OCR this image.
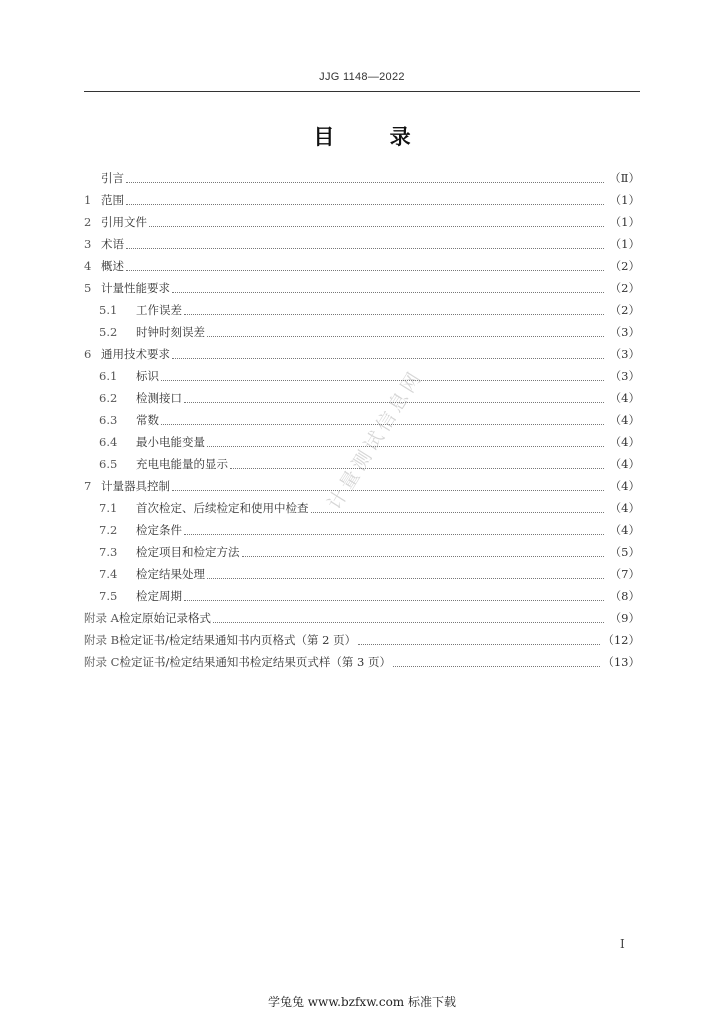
JJG 1148—2022
目 录
计量测试信息网
引言	（Ⅱ）
1 范围	（1）
2 引用文件	（1）
3 术语	（1）
4 概述	（2）
5 计量性能要求	（2）
5.1 工作误差	（2）
5.2 时钟时刻误差	（3）
6 通用技术要求	（3）
6.1 标识	（3）
6.2 检测接口	（4）
6.3 常数	（4）
6.4 最小电能变量	（4）
6.5 充电电能量的显示	（4）
7 计量器具控制	（4）
7.1 首次检定、后续检定和使用中检查	（4）
7.2 检定条件	（4）
7.3 检定项目和检定方法	（5）
7.4 检定结果处理	（7）
7.5 检定周期	（8）
附录 A检定原始记录格式	（9）
附录 B检定证书/检定结果通知书内页格式（第 2 页）	（12）
附录 C检定证书/检定结果通知书检定结果页式样（第 3 页）	（13）
I
学兔兔 www.bzfxw.com 标准下载
